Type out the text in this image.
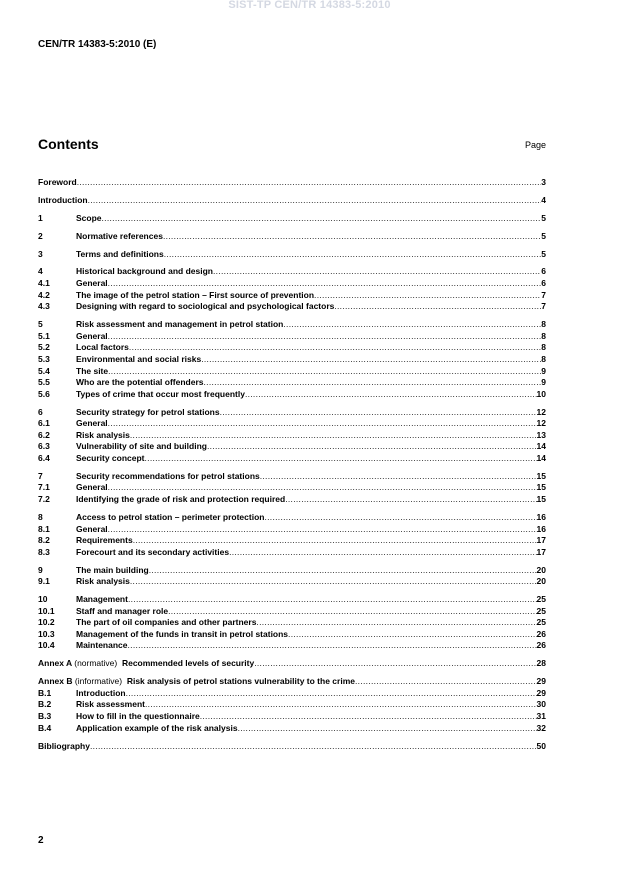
SIST-TP CEN/TR 14383-5:2010
CEN/TR 14383-5:2010 (E)
Contents	Page
Foreword .....	3
Introduction .....	4
1	Scope .....	5
2	Normative references .....	5
3	Terms and definitions .....	5
4	Historical background and design .....	6
4.1	General .....	6
4.2	The image of the petrol station – First source of prevention .....	7
4.3	Designing with regard to sociological and psychological factors .....	7
5	Risk assessment and management in petrol station .....	8
5.1	General .....	8
5.2	Local factors .....	8
5.3	Environmental and social risks .....	8
5.4	The site .....	9
5.5	Who are the potential offenders .....	9
5.6	Types of crime that occur most frequently .....	10
6	Security strategy for petrol stations .....	12
6.1	General .....	12
6.2	Risk analysis .....	13
6.3	Vulnerability of site and building .....	14
6.4	Security concept .....	14
7	Security recommendations for petrol stations .....	15
7.1	General .....	15
7.2	Identifying the grade of risk and protection required .....	15
8	Access to petrol station – perimeter protection .....	16
8.1	General .....	16
8.2	Requirements .....	17
8.3	Forecourt and its secondary activities .....	17
9	The main building .....	20
9.1	Risk analysis .....	20
10	Management .....	25
10.1	Staff and manager role .....	25
10.2	The part of oil companies and other partners .....	25
10.3	Management of the funds in transit in petrol stations .....	26
10.4	Maintenance .....	26
Annex A (normative) Recommended levels of security .....	28
Annex B (informative) Risk analysis of petrol stations vulnerability to the crime .....	29
B.1	Introduction .....	29
B.2	Risk assessment .....	30
B.3	How to fill in the questionnaire .....	31
B.4	Application example of the risk analysis .....	32
Bibliography .....	50
2
